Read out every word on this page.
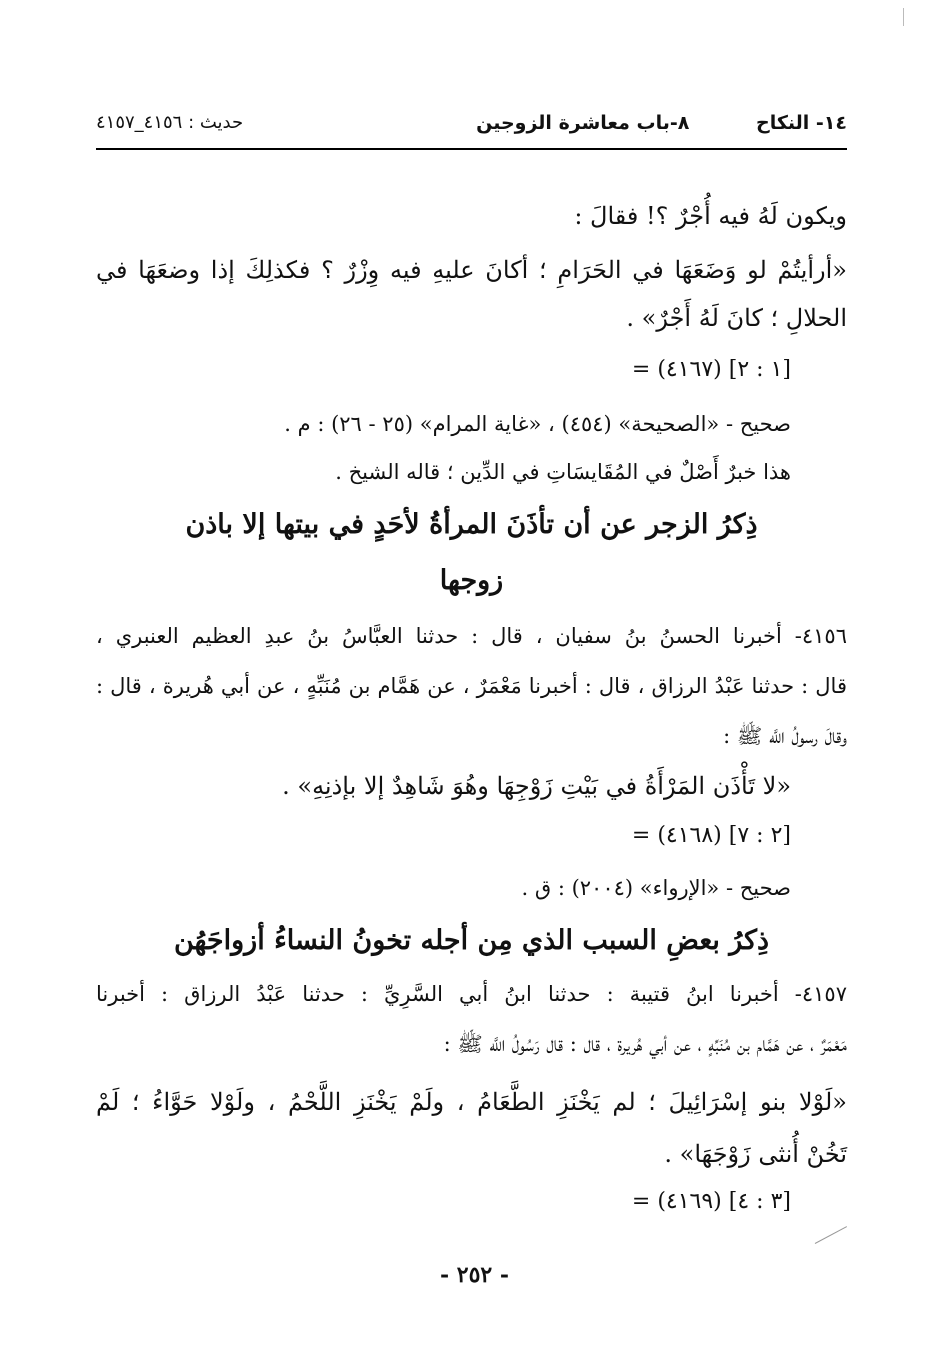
١٤- النكاح ٨-باب معاشرة الزوجين
حديث : ٤١٥٦_٤١٥٧
ويكون لَهُ فيه أُجْرٌ ؟! فقالَ :
«أرأيتُمْ لو وَضَعَهَا في الحَرَامِ ؛ أكانَ عليهِ فيه وِزْرٌ ؟ فكذلِكَ إذا وضعَهَا في
الحلالِ ؛ كانَ لَهُ أَجْرٌ» .
= (٤١٦٧) [١ : ٢]
صحيح - «الصحيحة» (٤٥٤) ، «غاية المرام» (٢٥ - ٢٦) : م .
هذا خبرٌ أَصْلٌ في المُقَايسَاتِ في الدِّين ؛ قاله الشيخ .
ذِكرُ الزجر عن أن تأذَنَ المرأةُ لأحَدٍ في بيتها إلا باذن
زوجها
٤١٥٦- أخبرنا الحسنُ بنُ سفيان ، قال : حدثنا العبَّاسُ بنُ عبدِ العظيم العنبري ،
قال : حدثنا عَبْدُ الرزاق ، قال : أخبرنا مَعْمَرٌ ، عن هَمَّام بن مُنَبِّهٍ ، عن أبي هُريرة ، قال :
وقالَ رسولُ اللَّه ﷺ :
«لا تَأْذَن المَرْأَةُ في بَيْتِ زَوْجِهَا وهُوَ شَاهِدٌ إلا بإذنِهِ» .
= (٤١٦٨) [٢ : ٧]
صحيح - «الإرواء» (٢٠٠٤) : ق .
ذِكرُ بعضِ السبب الذي مِن أجله تخونُ النساءُ أزواجَهُن
٤١٥٧- أخبرنا ابنُ قتيبة : حدثنا ابنُ أبي السَّرِيِّ : حدثنا عَبْدُ الرزاق : أخبرنا
مَعْمَرٌ ، عن هَمَّام بن مُنَبِّهٍ ، عن أبي هُريرة ، قال : قال رَسُولُ اللَّه ﷺ :
«لَوْلا بنو إسْرَائِيلَ ؛ لم يَخْنَزِ الطَّعَامُ ، ولَمْ يَخْنَزِ اللَّحْمُ ، ولَوْلا حَوَّاءُ ؛ لَمْ
تَخُنْ أُنثى زَوْجَهَا» .
= (٤١٦٩) [٣ : ٤]
- ٢٥٢ -
